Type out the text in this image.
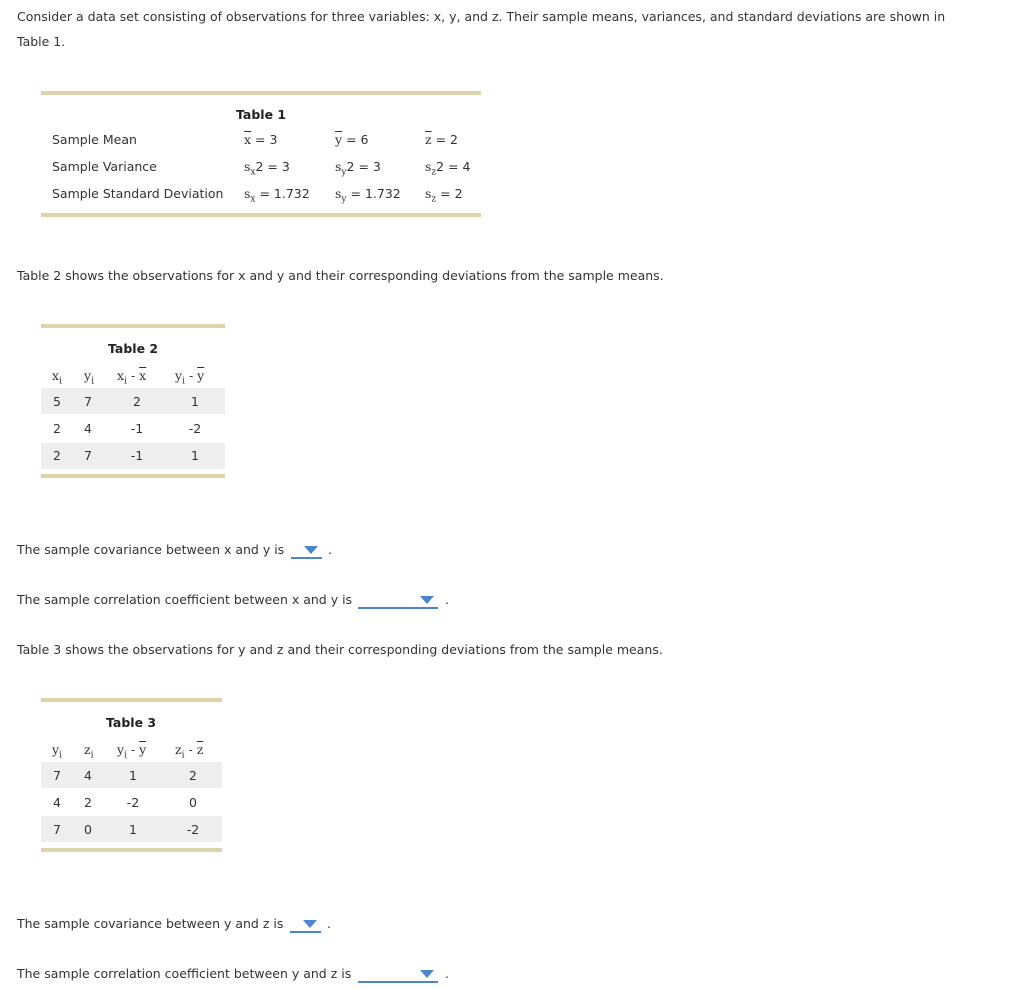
Consider a data set consisting of observations for three variables: x, y, and z. Their sample means, variances, and standard deviations are shown in
Table 1.
Table 1
Sample Mean	$\overline{x} = 3$	$\overline{y} = 6$	$\overline{z} = 2$
Sample Variance	$s_x2 = 3$	$s_y2 = 3$	$s_z2 = 4$
Sample Standard Deviation $s_x = 1.732$ $s_y = 1.732$ $s_z = 2$
Table 2 shows the observations for x and y and their corresponding deviations from the sample means.
Table 2
$x_i$ $y_i$ $x_i - \overline{x}$ $y_i - \overline{y}$
5 7	2	1
2 4	-1	-2
2 7	-1	1
The sample covariance between x and y is	.
The sample correlation coefficient between x and y is	.
Table 3 shows the observations for y and z and their corresponding deviations from the sample means.
Table 3
$y_i$ $z_i$ $y_i - \overline{y}$ $z_i - \overline{z}$
7 4	1	2
4 2	-2	0
7 0	1	-2
The sample covariance between y and z is	.
The sample correlation coefficient between y and z is	.
